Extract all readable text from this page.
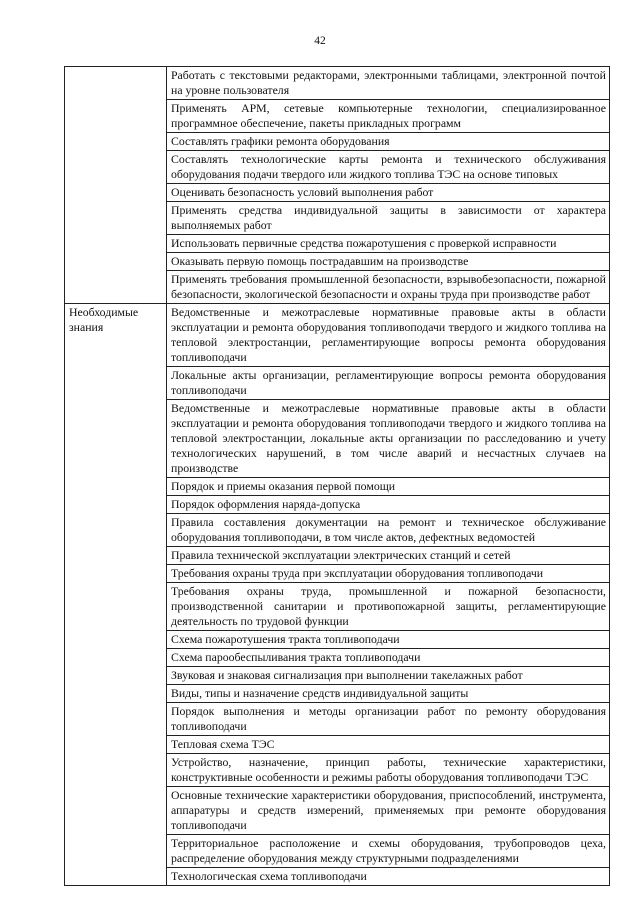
42
	Работать с текстовыми редакторами, электронными таблицами, электронной почтой на уровне пользователя
	Применять АРМ, сетевые компьютерные технологии, специализированное программное обеспечение, пакеты прикладных программ
	Составлять графики ремонта оборудования
	Составлять технологические карты ремонта и технического обслуживания оборудования подачи твердого или жидкого топлива ТЭС на основе типовых
	Оценивать безопасность условий выполнения работ
	Применять средства индивидуальной защиты в зависимости от характера выполняемых работ
	Использовать первичные средства пожаротушения с проверкой исправности
	Оказывать первую помощь пострадавшим на производстве
	Применять требования промышленной безопасности, взрывобезопасности, пожарной безопасности, экологической безопасности и охраны труда при производстве работ
Необходимые знания	Ведомственные и межотраслевые нормативные правовые акты в области эксплуатации и ремонта оборудования топливоподачи твердого и жидкого топлива на тепловой электростанции, регламентирующие вопросы ремонта оборудования топливоподачи
	Локальные акты организации, регламентирующие вопросы ремонта оборудования топливоподачи
	Ведомственные и межотраслевые нормативные правовые акты в области эксплуатации и ремонта оборудования топливоподачи твердого и жидкого топлива на тепловой электростанции, локальные акты организации по расследованию и учету технологических нарушений, в том числе аварий и несчастных случаев на производстве
	Порядок и приемы оказания первой помощи
	Порядок оформления наряда-допуска
	Правила составления документации на ремонт и техническое обслуживание оборудования топливоподачи, в том числе актов, дефектных ведомостей
	Правила технической эксплуатации электрических станций и сетей
	Требования охраны труда при эксплуатации оборудования топливоподачи
	Требования охраны труда, промышленной и пожарной безопасности, производственной санитарии и противопожарной защиты, регламентирующие деятельность по трудовой функции
	Схема пожаротушения тракта топливоподачи
	Схема парообеспыливания тракта топливоподачи
	Звуковая и знаковая сигнализация при выполнении такелажных работ
	Виды, типы и назначение средств индивидуальной защиты
	Порядок выполнения и методы организации работ по ремонту оборудования топливоподачи
	Тепловая схема ТЭС
	Устройство, назначение, принцип работы, технические характеристики, конструктивные особенности и режимы работы оборудования топливоподачи ТЭС
	Основные технические характеристики оборудования, приспособлений, инструмента, аппаратуры и средств измерений, применяемых при ремонте оборудования топливоподачи
	Территориальное расположение и схемы оборудования, трубопроводов цеха, распределение оборудования между структурными подразделениями
	Технологическая схема топливоподачи
